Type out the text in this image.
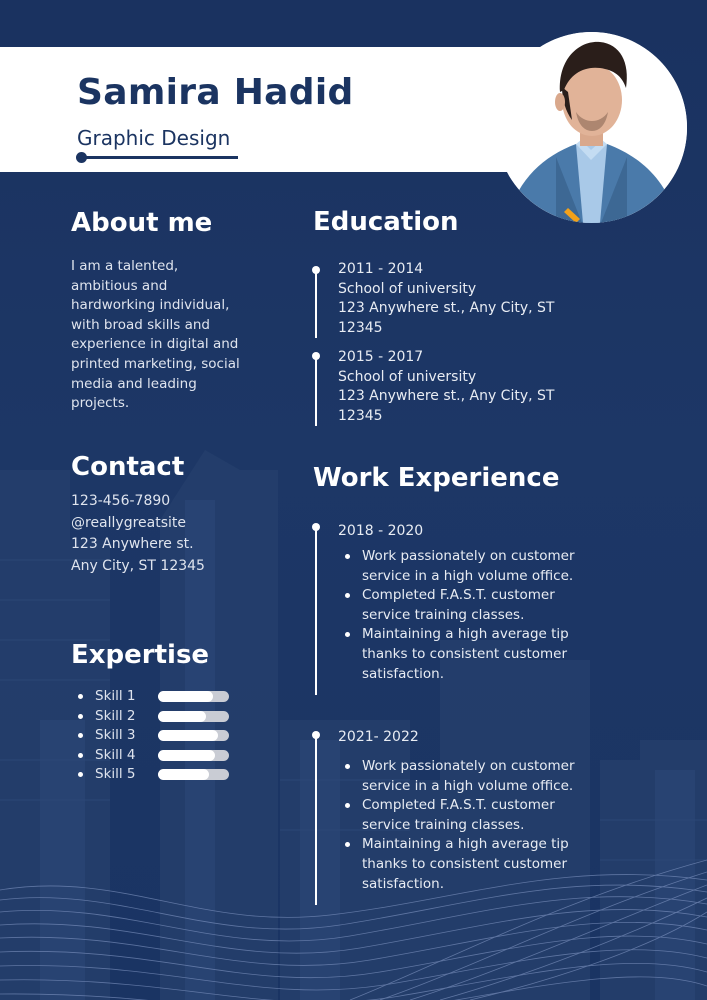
Samira Hadid
Graphic Design
About me
I am a talented,
ambitious and
hardworking individual,
with broad skills and
experience in digital and
printed marketing, social
media and leading
projects.
Contact
123-456-7890
@reallygreatsite
123 Anywhere st.
Any City, ST 12345
Expertise
Skill 1
Skill 2
Skill 3
Skill 4
Skill 5
Education
2011 - 2014
School of university
123 Anywhere st., Any City, ST
12345
2015 - 2017
School of university
123 Anywhere st., Any City, ST
12345
Work Experience
2018 - 2020
Work passionately on customer
service in a high volume office.
Completed F.A.S.T. customer
service training classes.
Maintaining a high average tip
thanks to consistent customer
satisfaction.
2021- 2022
Work passionately on customer
service in a high volume office.
Completed F.A.S.T. customer
service training classes.
Maintaining a high average tip
thanks to consistent customer
satisfaction.
